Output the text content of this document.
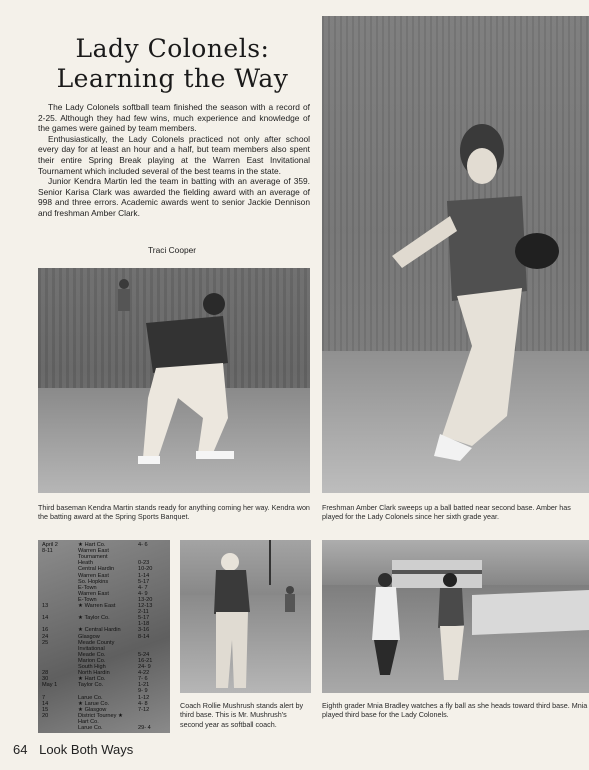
Lady Colonels:
Learning the Way

The Lady Colonels softball team finished the season with a record of 2-25. Although they had few wins, much experience and knowledge of the games were gained by team members.

Enthusiastically, the Lady Colonels practiced not only after school every day for at least an hour and a half, but team members also spent their entire Spring Break playing at the Warren East Invitational Tournament which included several of the best teams in the state.

Junior Kendra Martin led the team in batting with an average of 359. Senior Karisa Clark was awarded the fielding award with an average of 998 and three errors. Academic awards went to senior Jackie Dennison and freshman Amber Clark.

Traci Cooper
Third baseman Kendra Martin stands ready for anything coming her way. Kendra won the batting award at the Spring Sports Banquet.
Freshman Amber Clark sweeps up a ball batted near second base. Amber has played for the Lady Colonels since her sixth grade year.
April 2	★ Hart Co.	4- 6
8-11	Warren East
Tournament
Heath	0-23
Central Hardin	10-20
Warren East	1-14
So. Hopkins	5-17
E-Town	4- 7
Warren East	4- 9
E-Town	13-20
13	★ Warren East	12-13
2-11
14	★ Taylor Co.	5-17
1-18
16	★ Central Hardin	3-16
24	Glasgow	8-14
25	Meade County
Invitational
Meade Co.	5-24
Marion Co.	16-21
South High	24- 9
28	North Hardin	4-22
30	★ Hart Co.	7- 6
May 1	Taylor Co.	1-21
9- 9
7	Larue Co.	1-12
14	★ Larue Co.	4- 8
15	★ Glasgow	7-12
20	District Tourney ★
Hart Co.
Larue Co.	29- 4
Coach Rollie Mushrush stands alert by third base. This is Mr. Mushrush's second year as softball coach.
Eighth grader Mnia Bradley watches a fly ball as she heads toward third base. Mnia played third base for the Lady Colonels.
64 Look Both Ways
